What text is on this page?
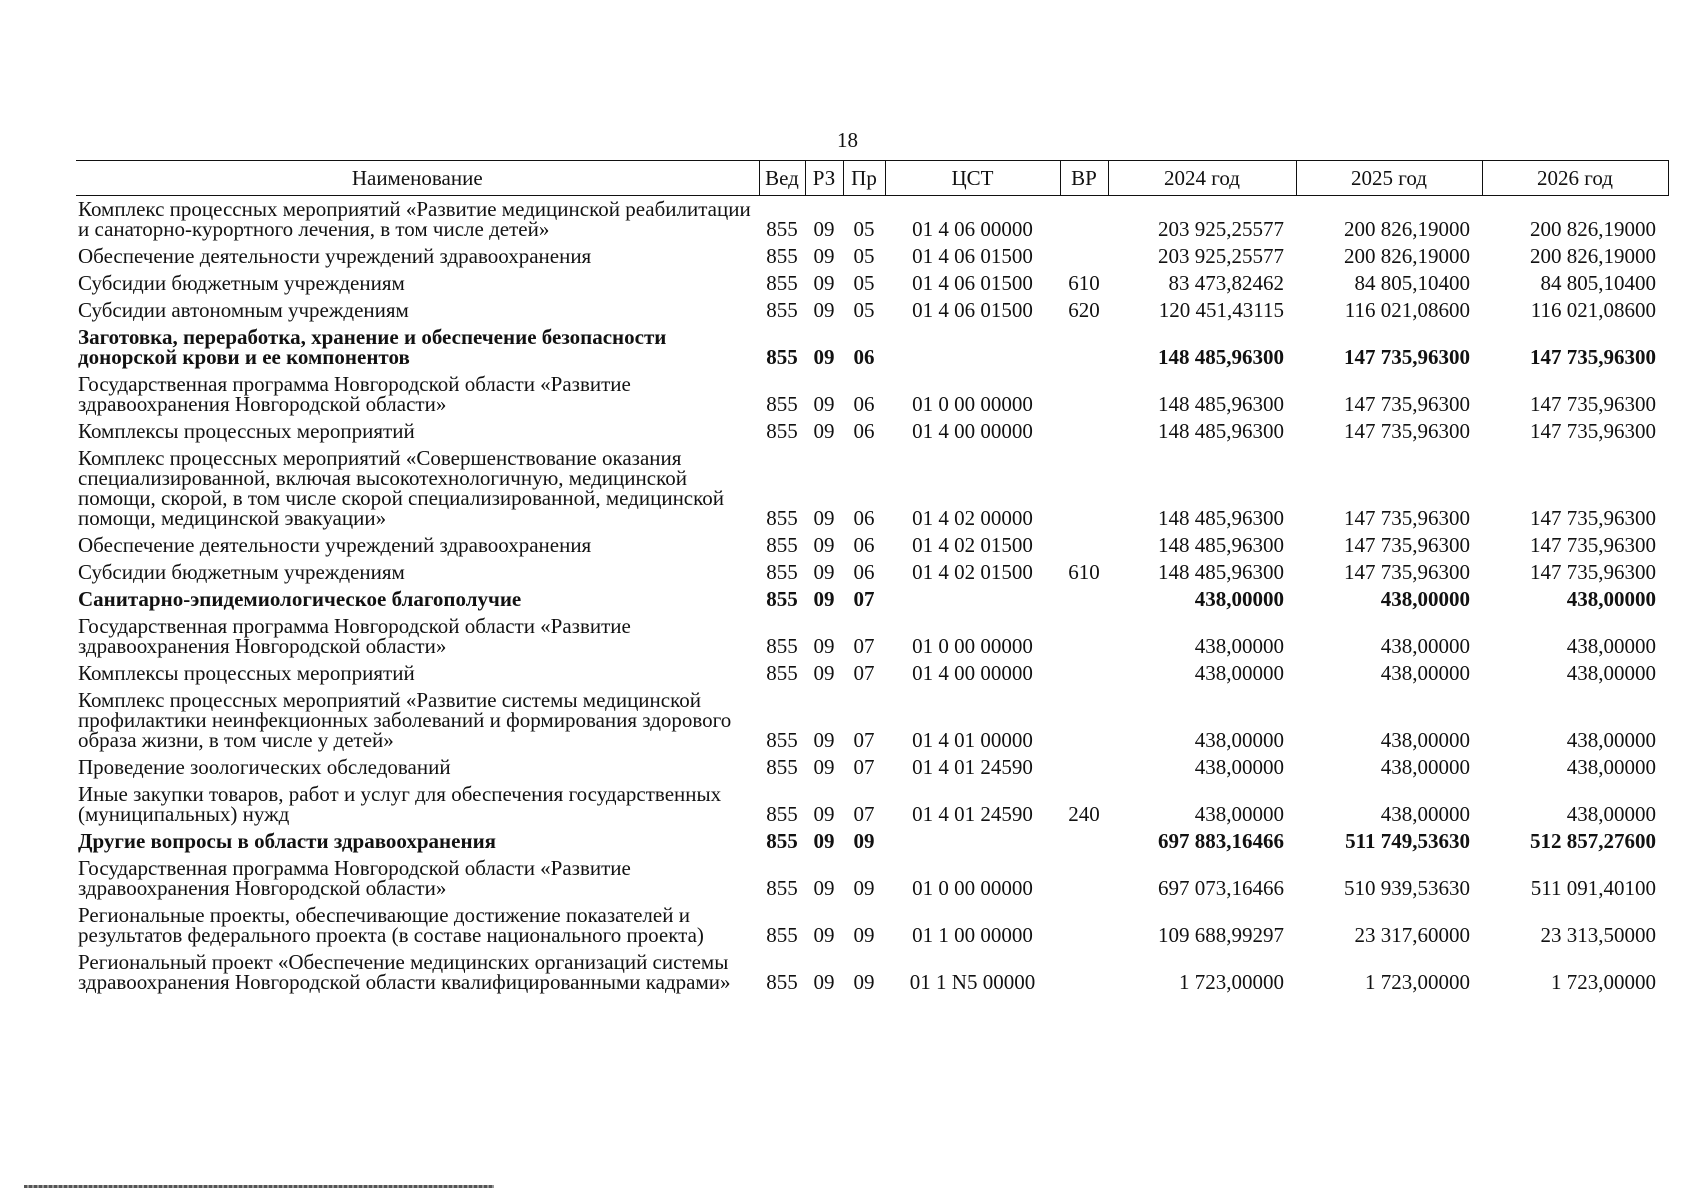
18
Наименование	Вед	РЗ	Пр	ЦСТ	ВР	2024 год	2025 год	2026 год
Комплекс процессных мероприятий «Развитие медицинской реабилитации и санаторно-курортного лечения, в том числе детей»	855	09	05	01 4 06 00000		203 925,25577	200 826,19000	200 826,19000
Обеспечение деятельности учреждений здравоохранения	855	09	05	01 4 06 01500		203 925,25577	200 826,19000	200 826,19000
Субсидии бюджетным учреждениям	855	09	05	01 4 06 01500	610	83 473,82462	84 805,10400	84 805,10400
Субсидии автономным учреждениям	855	09	05	01 4 06 01500	620	120 451,43115	116 021,08600	116 021,08600
Заготовка, переработка, хранение и обеспечение безопасности донорской крови и ее компонентов	855	09	06			148 485,96300	147 735,96300	147 735,96300
Государственная программа Новгородской области «Развитие здравоохранения Новгородской области»	855	09	06	01 0 00 00000		148 485,96300	147 735,96300	147 735,96300
Комплексы процессных мероприятий	855	09	06	01 4 00 00000		148 485,96300	147 735,96300	147 735,96300
Комплекс процессных мероприятий «Совершенствование оказания специализированной, включая высокотехнологичную, медицинской помощи, скорой, в том числе скорой специализированной, медицинской помощи, медицинской эвакуации»	855	09	06	01 4 02 00000		148 485,96300	147 735,96300	147 735,96300
Обеспечение деятельности учреждений здравоохранения	855	09	06	01 4 02 01500		148 485,96300	147 735,96300	147 735,96300
Субсидии бюджетным учреждениям	855	09	06	01 4 02 01500	610	148 485,96300	147 735,96300	147 735,96300
Санитарно-эпидемиологическое благополучие	855	09	07			438,00000	438,00000	438,00000
Государственная программа Новгородской области «Развитие здравоохранения Новгородской области»	855	09	07	01 0 00 00000		438,00000	438,00000	438,00000
Комплексы процессных мероприятий	855	09	07	01 4 00 00000		438,00000	438,00000	438,00000
Комплекс процессных мероприятий «Развитие системы медицинской профилактики неинфекционных заболеваний и формирования здорового образа жизни, в том числе у детей»	855	09	07	01 4 01 00000		438,00000	438,00000	438,00000
Проведение зоологических обследований	855	09	07	01 4 01 24590		438,00000	438,00000	438,00000
Иные закупки товаров, работ и услуг для обеспечения государственных (муниципальных) нужд	855	09	07	01 4 01 24590	240	438,00000	438,00000	438,00000
Другие вопросы в области здравоохранения	855	09	09			697 883,16466	511 749,53630	512 857,27600
Государственная программа Новгородской области «Развитие здравоохранения Новгородской области»	855	09	09	01 0 00 00000		697 073,16466	510 939,53630	511 091,40100
Региональные проекты, обеспечивающие достижение показателей и результатов федерального проекта (в составе национального проекта)	855	09	09	01 1 00 00000		109 688,99297	23 317,60000	23 313,50000
Региональный проект «Обеспечение медицинских организаций системы здравоохранения Новгородской области квалифицированными кадрами»	855	09	09	01 1 N5 00000		1 723,00000	1 723,00000	1 723,00000
